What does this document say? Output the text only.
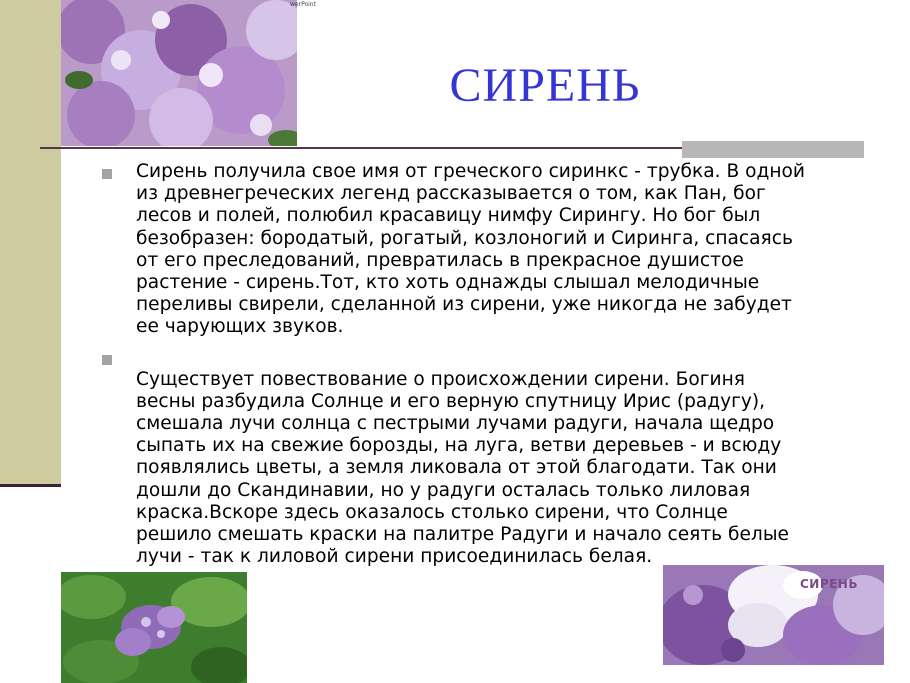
werPoint
СИРЕНЬ

Сирень получила свое имя от греческого сиринкс - трубка. В одной
из древнегреческих легенд рассказывается о том, как Пан, бог
лесов и полей, полюбил красавицу нимфу Сирингу. Но бог был
безобразен: бородатый, рогатый, козлоногий и Сиринга, спасаясь
от его преследований, превратилась в прекрасное душистое
растение - сирень.Тот, кто хоть однажды слышал мелодичные
переливы свирели, сделанной из сирени, уже никогда не забудет
ее чарующих звуков.

Существует повествование о происхождении сирени. Богиня
весны разбудила Солнце и его верную спутницу Ирис (радугу),
смешала лучи солнца с пестрыми лучами радуги, начала щедро
сыпать их на свежие борозды, на луга, ветви деревьев - и всюду
появлялись цветы, а земля ликовала от этой благодати. Так они
дошли до Скандинавии, но у радуги осталась только лиловая
краска.Вскоре здесь оказалось столько сирени, что Солнце
решило смешать краски на палитре Радуги и начало сеять белые
лучи - так к лиловой сирени присоединилась белая.

СИРЕНЬ
